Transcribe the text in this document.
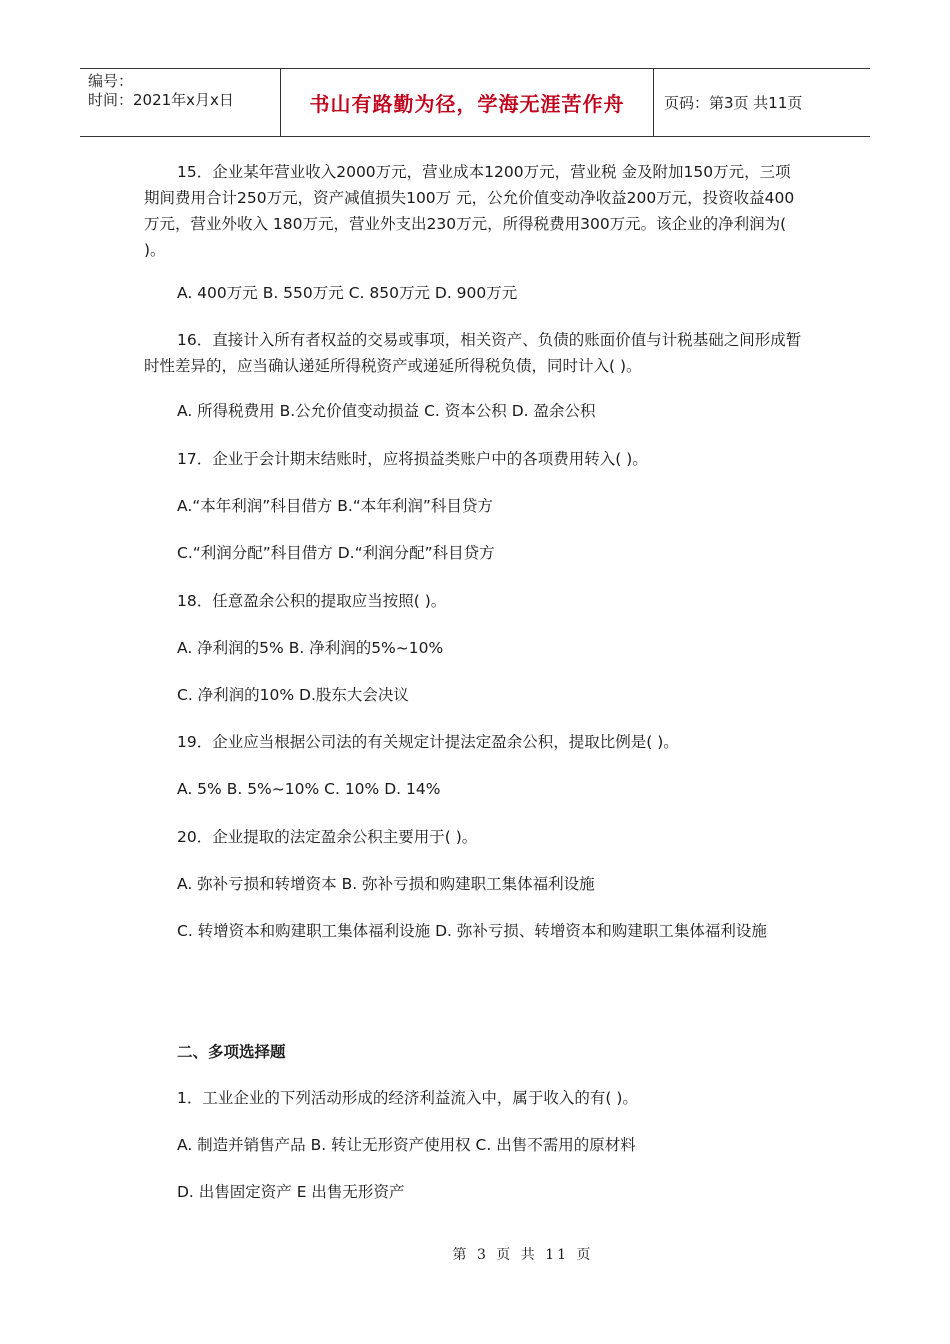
编号：
时间：2021年x月x日	书山有路勤为径，学海无涯苦作舟	页码：第3页 共11页
15．企业某年营业收入2000万元，营业成本1200万元，营业税 金及附加150万元，三项期间费用合计250万元，资产减值损失100万 元，公允价值变动净收益200万元，投资收益400万元，营业外收入 180万元，营业外支出230万元，所得税费用300万元。该企业的净利润为( )。
A. 400万元 B. 550万元 C. 850万元 D. 900万元
16．直接计入所有者权益的交易或事项，相关资产、负债的账面价值与计税基础之间形成暂时性差异的，应当确认递延所得税资产或递延所得税负债，同时计入( )。
A. 所得税费用 B.公允价值变动损益 C. 资本公积 D. 盈余公积
17．企业于会计期末结账时，应将损益类账户中的各项费用转入( )。
A.“本年利润”科目借方 B.“本年利润”科目贷方
C.“利润分配”科目借方 D.“利润分配”科目贷方
18．任意盈余公积的提取应当按照( )。
A. 净利润的5% B. 净利润的5%~10%
C. 净利润的10% D.股东大会决议
19．企业应当根据公司法的有关规定计提法定盈余公积，提取比例是( )。
A. 5% B. 5%~10% C. 10% D. 14%
20．企业提取的法定盈余公积主要用于( )。
A. 弥补亏损和转增资本 B. 弥补亏损和购建职工集体福利设施
C. 转增资本和购建职工集体福利设施 D. 弥补亏损、转增资本和购建职工集体福利设施
二、多项选择题
1．工业企业的下列活动形成的经济利益流入中，属于收入的有( )。
A. 制造并销售产品 B. 转让无形资产使用权 C. 出售不需用的原材料
D. 出售固定资产 E 出售无形资产
第 3 页 共 11 页
